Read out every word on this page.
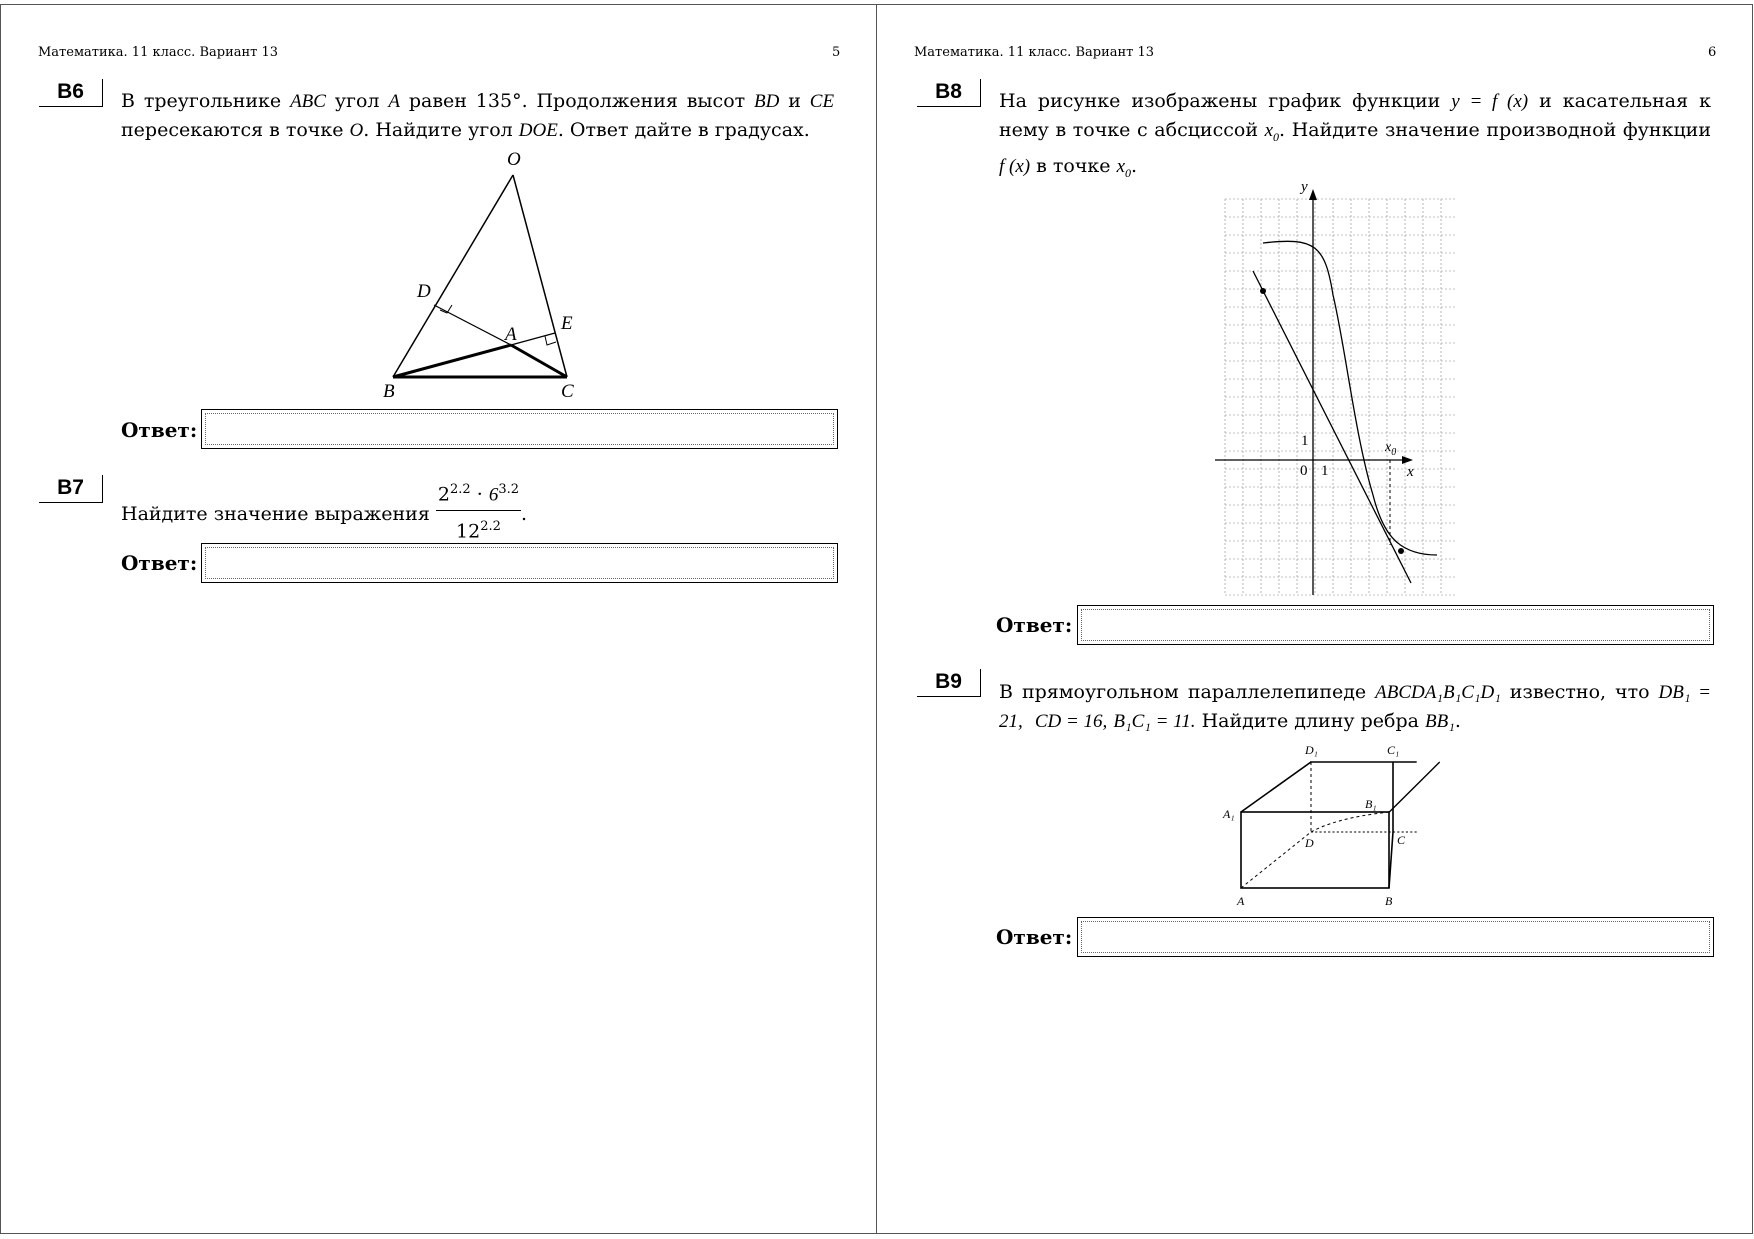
Математика. 11 класс. Вариант 13	5
B6	В треугольнике ABC угол A равен 135°. Продолжения высот BD и CE пересекаются в точке O. Найдите угол DOE. Ответ дайте в градусах.
O
D
A
E
B	C
Ответ:
B7
Найдите значение выражения $\frac{2^{2.2} \cdot 6^{3.2}}{12^{2.2}}$ .
Ответ:
Математика. 11 класс. Вариант 13	6
B8	На рисунке изображены график функции y = f (x) и касательная к нему в точке с абсциссой $x_0$. Найдите значение производной функции f (x) в точке $x_0$.
y
x
0 1
1	$x_0$
Ответ:
B9	В прямоугольном параллелепипеде ABCDA₁B₁C₁D₁ известно, что DB₁ = 21, CD = 16, B₁C₁ = 11. Найдите длину ребра BB₁.
D₁	C₁
A₁
B₁
D	C
A	B
Ответ:
